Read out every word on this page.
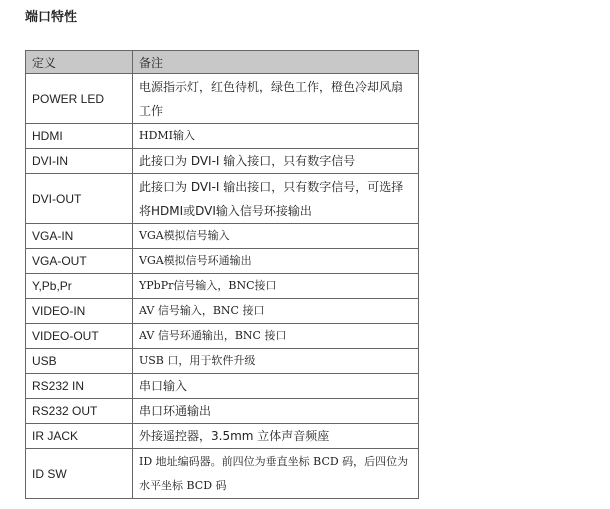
端口特性
定义	备注
POWER LED	电源指示灯，红色待机，绿色工作，橙色冷却风扇工作
HDMI	HDMI输入
DVI-IN	此接口为 DVI-I 输入接口，只有数字信号
DVI-OUT	此接口为 DVI-I 输出接口，只有数字信号，可选择将HDMI或DVI输入信号环接输出
VGA-IN	VGA模拟信号输入
VGA-OUT	VGA模拟信号环通输出
Y,Pb,Pr	YPbPr信号输入，BNC接口
VIDEO-IN	AV 信号输入，BNC 接口
VIDEO-OUT	AV 信号环通输出，BNC 接口
USB	USB 口，用于软件升级
RS232 IN	串口输入
RS232 OUT	串口环通输出
IR JACK	外接遥控器，3.5mm 立体声音频座
ID SW	ID 地址编码器。前四位为垂直坐标 BCD 码，后四位为水平坐标 BCD 码
